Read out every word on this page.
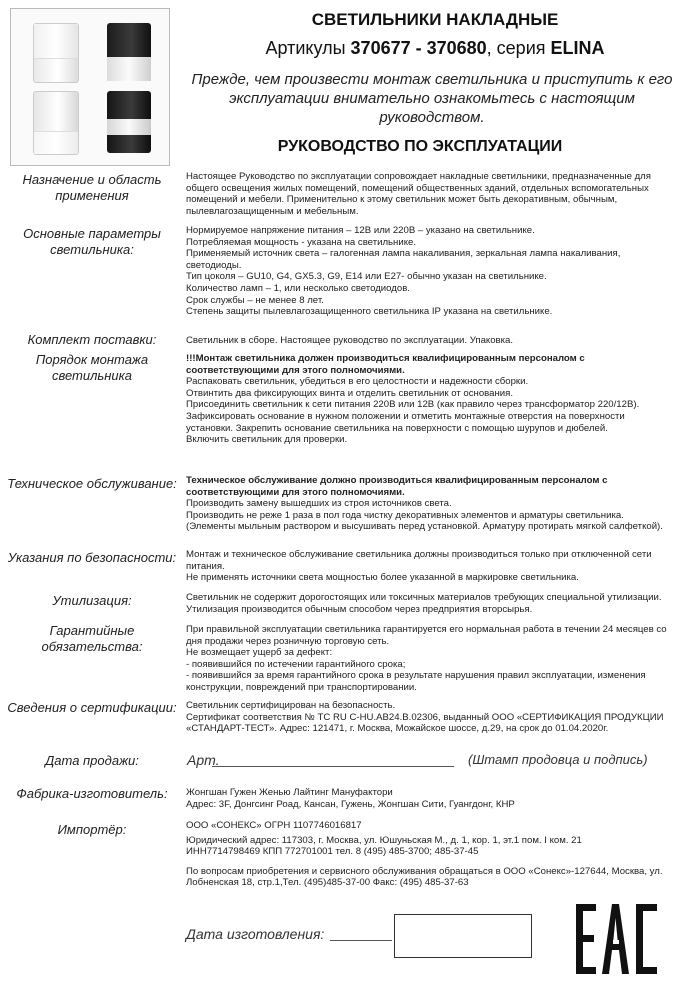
СВЕТИЛЬНИКИ НАКЛАДНЫЕ
Артикулы 370677 - 370680, серия ELINA
Прежде, чем произвести монтаж светильника и приступить к его эксплуатации внимательно ознакомьтесь с настоящим руководством.
РУКОВОДСТВО ПО ЭКСПЛУАТАЦИИ
Назначение и область применения
Настоящее Руководство по эксплуатации сопровождает накладные светильники, предназначенные для общего освещения жилых помещений, помещений общественных зданий, отдельных вспомогательных помещений и мебели. Применительно к этому светильник может быть декоративным, обычным, пылевлагозащищенным и мебельным.
Основные параметры светильника:

Нормируемое напряжение питания – 12В или 220В – указано на светильнике.

Потребляемая мощность - указана на светильнике.

Применяемый источник света – галогенная лампа накаливания, зеркальная лампа накаливания, светодиоды.

Тип цоколя – GU10, G4, GX5.3, G9, E14 или E27- обычно указан на светильнике.

Количество ламп – 1, или несколько светодиодов.

Срок службы – не менее 8 лет.

Степень защиты пылевлагозащищенного светильника IP указана на светильнике.

Комплект поставки:	Светильник в сборе. Настоящее руководство по эксплуатации. Упаковка.
Порядок монтажа светильника

!!!Монтаж светильника должен производиться квалифицированным персоналом с соответствующими для этого полномочиями.

Распаковать светильник, убедиться в его целостности и надежности сборки.

Отвинтить два фиксирующих винта и отделить светильник от основания.

Присоединить светильник к сети питания 220В или 12В (как правило через трансформатор 220/12В).

Зафиксировать основание в нужном положении и отметить монтажные отверстия на поверхности установки. Закрепить основание светильника на поверхности с помощью шурупов и дюбелей.

Включить светильник для проверки.

Техническое обслуживание: Техническое обслуживание должно производиться квалифицированным персоналом с соответствующими для этого полномочиями.

Производить замену вышедших из строя источников света.

Производить не реже 1 раза в пол года чистку декоративных элементов и арматуры светильника. (Элементы мыльным раствором и высушивать перед установкой. Арматуру протирать мягкой салфеткой).

Указания по безопасности: Монтаж и техническое обслуживание светильника должны производиться только при отключенной сети питания.

Не применять источники света мощностью более указанной в маркировке светильника.

Утилизация:	Светильник не содержит дорогостоящих или токсичных материалов требующих специальной утилизации. Утилизация производится обычным способом через предприятия вторсырья.
Гарантийные обязательства:

При правильной эксплуатации светильника гарантируется его нормальная работа в течении 24 месяцев со дня продажи через розничную торговую сеть.

Не возмещает ущерб за дефект:

- появившийся по истечении гарантийного срока;

- появившийся за время гарантийного срока в результате нарушения правил эксплуатации, изменения конструкции, повреждений при транспортировании.

Сведения о сертификации: Светильник сертифицирован на безопасность.

Сертификат соответствия № TC RU C-HU.AB24.B.02306, выданный ООО «СЕРТИФИКАЦИЯ ПРОДУКЦИИ «СТАНДАРТ-ТЕСТ». Адрес: 121471, г. Москва, Можайское шоссе, д.29, на срок до 01.04.2020г.

Дата продажи:	Арт.	(Штамп продовца и подпись)
Фабрика-изготовитель:	Жонгшан Гужен Женью Лайтинг Мануфактори

Адрес: 3F, Донгсинг Роад, Кансан, Гужень, Жонгшан Сити, Гуангдонг, КНР

Импортёр:	ООО «СОНЕКС» ОГРН 1107746016817

Юридический адрес: 117303, г. Москва, ул. Юшуньская М., д. 1, кор. 1, эт.1 пом. I ком. 21

ИНН7714798469 КПП 772701001 тел. 8 (495) 485-3700; 485-37-45

По вопросам приобретения и сервисного обслуживания обращаться в ООО «Сонекс»-127644, Москва, ул. Лобненская 18, стр.1,Тел. (495)485-37-00 Факс: (495) 485-37-63

Дата изготовления:
